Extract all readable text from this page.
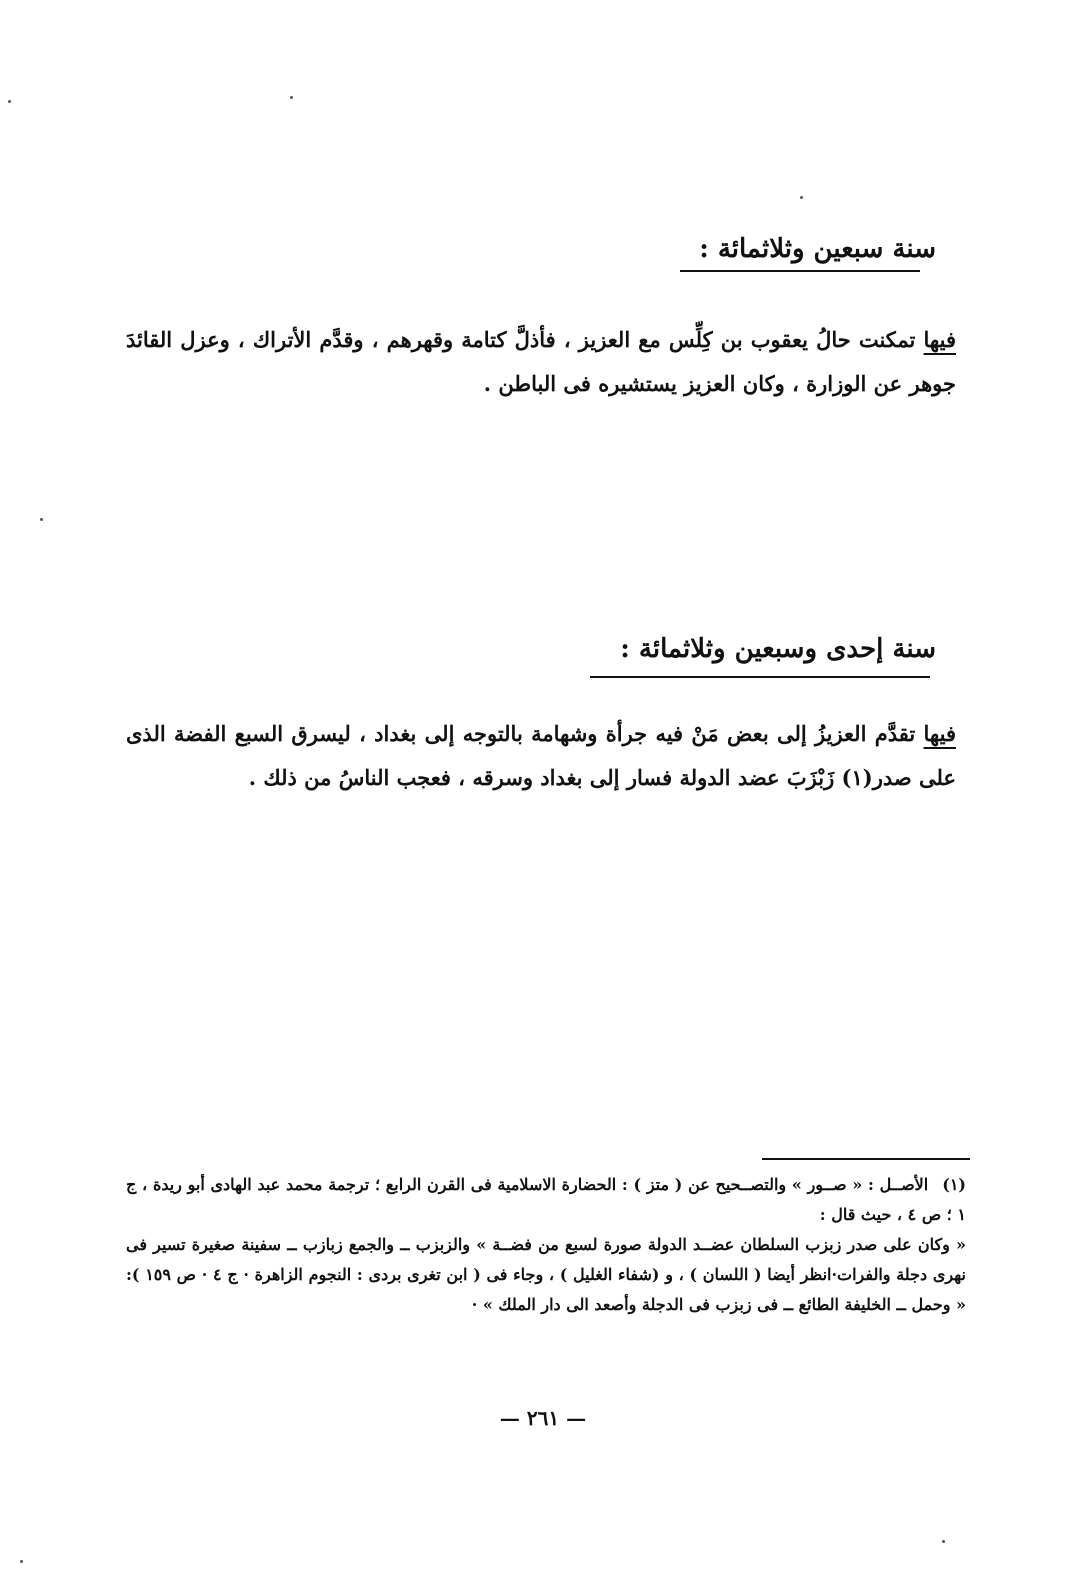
سنة سبعين وثلاثمائة :
فيها تمكنت حالُ يعقوب بن كِلِّس مع العزيز ، فأذلَّ كتامة وقهرهم ، وقدَّم الأتراك ، وعزل القائدَ جوهر عن الوزارة ، وكان العزيز يستشيره فى الباطن .
سنة إحدى وسبعين وثلاثمائة :
فيها تقدَّم العزيزُ إلى بعض مَنْ فيه جرأة وشهامة بالتوجه إلى بغداد ، ليسرق السبع الفضة الذى على صدر(١) زَبْزَبَ عضد الدولة فسار إلى بغداد وسرقه ، فعجب الناسُ من ذلك .

(١)الأصــل : « صــور » والتصــحيح عن ( متز ) : الحضارة الاسلامية فى القرن الرابع ؛ ترجمة محمد عبد الهادى أبو ريدة ، ج ١ ؛ ص ٤ ، حيث قال :

« وكان على صدر زبزب السلطان عضــد الدولة صورة لسبع من فضــة » والزبزب ــ والجمع زبازب ــ سفينة صغيرة تسير فى نهرى دجلة والفرات·انظر أيضا ( اللسان ) ، و (شفاء الغليل ) ، وجاء فى ( ابن تغرى بردى : النجوم الزاهرة · ج ٤ · ص ١٥٩ ): « وحمل ــ الخليفة الطائع ــ فى زبزب فى الدجلة وأصعد الى دار الملك » ·

— ٢٦١ —
